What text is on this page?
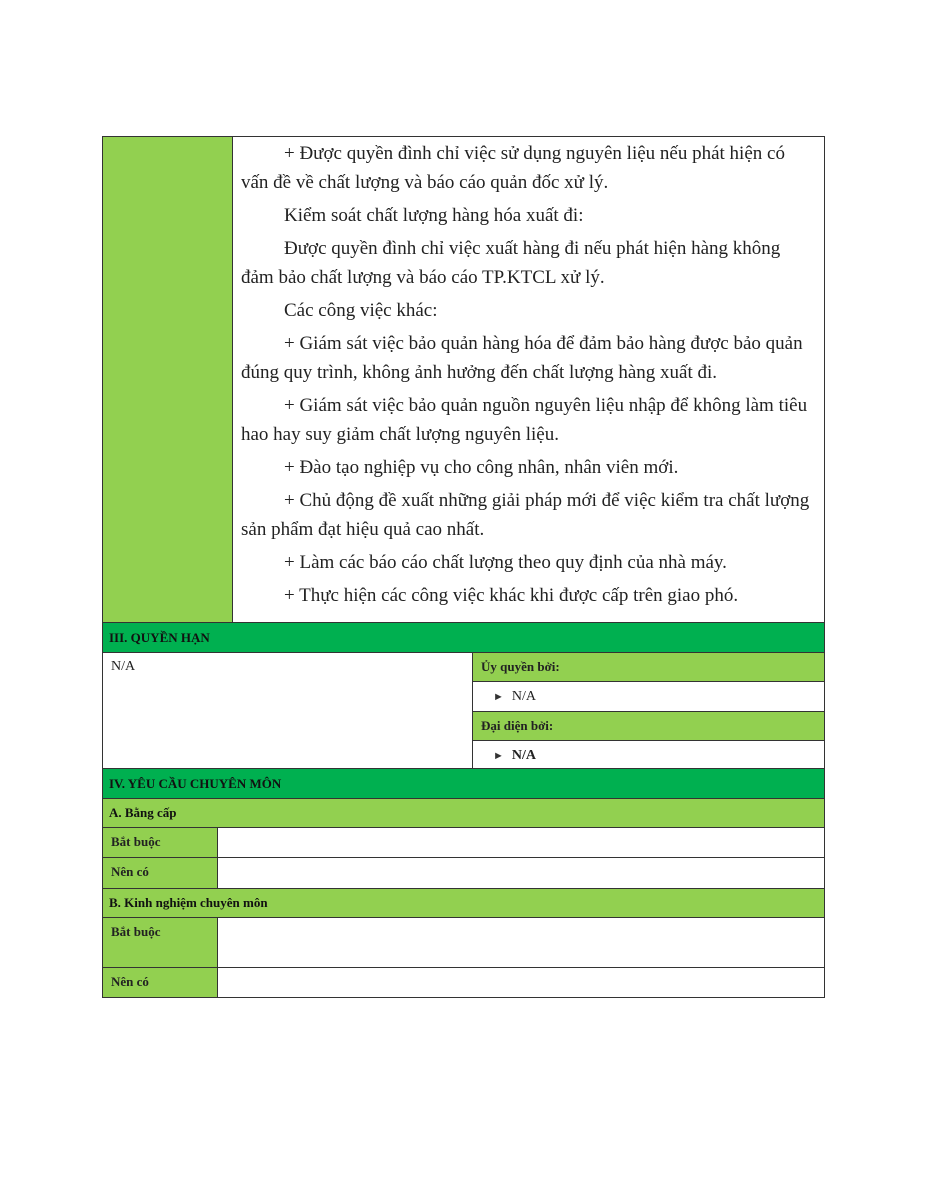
+ Được quyền đình chỉ việc sử dụng nguyên liệu nếu phát hiện có vấn đề về chất lượng và báo cáo quản đốc xử lý.

Kiểm soát chất lượng hàng hóa xuất đi:

Được quyền đình chỉ việc xuất hàng đi nếu phát hiện hàng không đảm bảo chất lượng và báo cáo TP.KTCL xử lý.

Các công việc khác:

+ Giám sát việc bảo quản hàng hóa để đảm bảo hàng được bảo quản đúng quy trình, không ảnh hưởng đến chất lượng hàng xuất đi.

+ Giám sát việc bảo quản nguồn nguyên liệu nhập để không làm tiêu hao hay suy giảm chất lượng nguyên liệu.

+ Đào tạo nghiệp vụ cho công nhân, nhân viên mới.

+ Chủ động đề xuất những giải pháp mới để việc kiểm tra chất lượng sản phẩm đạt hiệu quả cao nhất.

+ Làm các báo cáo chất lượng theo quy định của nhà máy.

+ Thực hiện các công việc khác khi được cấp trên giao phó.

III. QUYỀN HẠN
N/A	Ủy quyền bởi:
► N/A
Đại diện bởi:
► N/A
IV. YÊU CẦU CHUYÊN MÔN
A. Bằng cấp
Bắt buộc
Nên có
B. Kinh nghiệm chuyên môn
Bắt buộc
Nên có
